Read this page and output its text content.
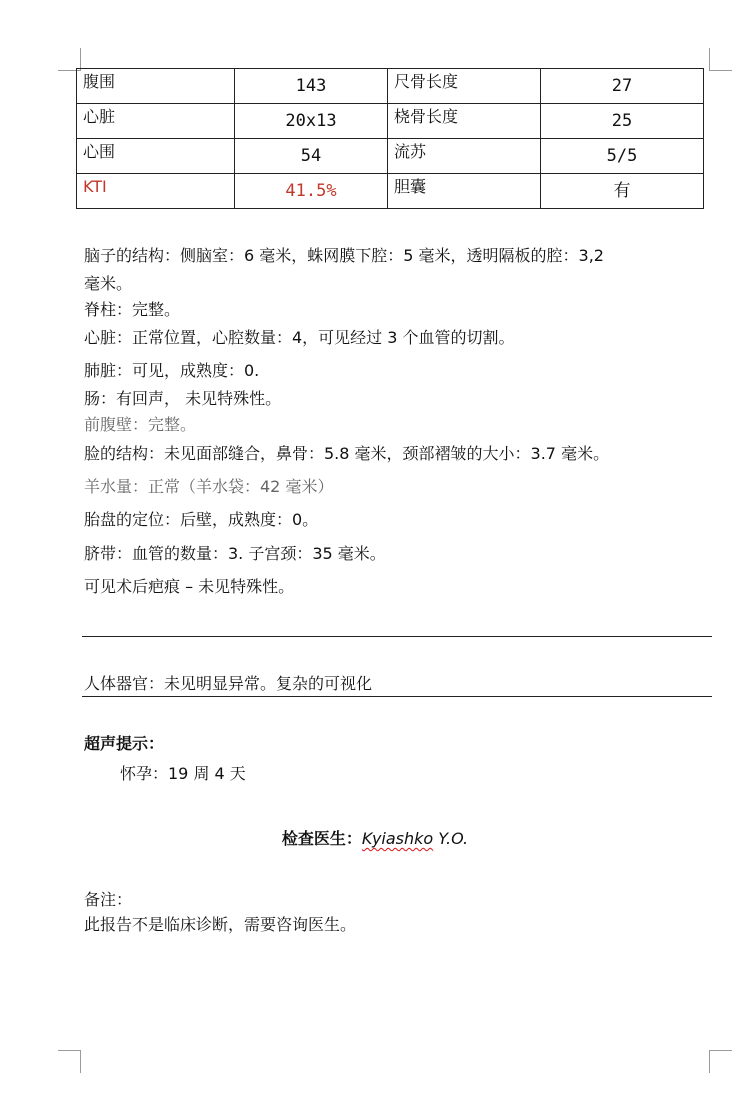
腹围	143	尺骨长度	27
心脏	20x13	桡骨长度	25
心围	54	流苏	5/5
KTI	41.5%	胆囊	有

脑子的结构：侧脑室：6 毫米，蛛网膜下腔：5 毫米，透明隔板的腔：3,2

毫米。

脊柱：完整。

心脏：正常位置，心腔数量：4，可见经过 3 个血管的切割。

肺脏：可见，成熟度：0.

肠：有回声， 未见特殊性。

前腹壁：完整。

脸的结构：未见面部缝合，鼻骨：5.8 毫米，颈部褶皱的大小：3.7 毫米。

羊水量：正常（羊水袋：42 毫米）

胎盘的定位：后壁，成熟度：0。

脐带：血管的数量：3. 子宫颈：35 毫米。

可见术后疤痕 – 未见特殊性。

人体器官：未见明显异常。复杂的可视化

超声提示：

怀孕：19 周 4 天

检查医生：Kyiashko Y.O.

备注：

此报告不是临床诊断，需要咨询医生。
